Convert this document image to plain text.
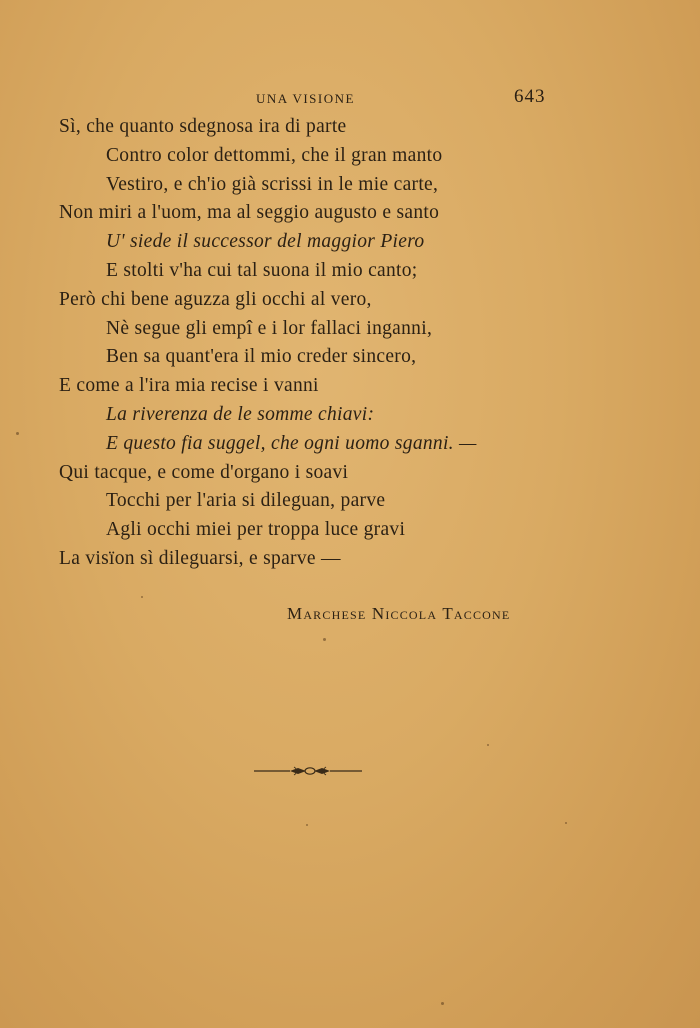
UNA VISIONE	643
Sì, che quanto sdegnosa ira di parte
Contro color dettommi, che il gran manto
Vestiro, e ch'io già scrissi in le mie carte,
Non miri a l'uom, ma al seggio augusto e santo
U' siede il successor del maggior Piero
E stolti v'ha cui tal suona il mio canto;
Però chi bene aguzza gli occhi al vero,
Nè segue gli empî e i lor fallaci inganni,
Ben sa quant'era il mio creder sincero,
E come a l'ira mia recise i vanni
La riverenza de le somme chiavi:
E questo fia suggel, che ogni uomo sganni. —
Qui tacque, e come d'organo i soavi
Tocchi per l'aria si dileguan, parve
Agli occhi miei per troppa luce gravi
La visïon sì dileguarsi, e sparve —
Marchese Niccola Taccone
